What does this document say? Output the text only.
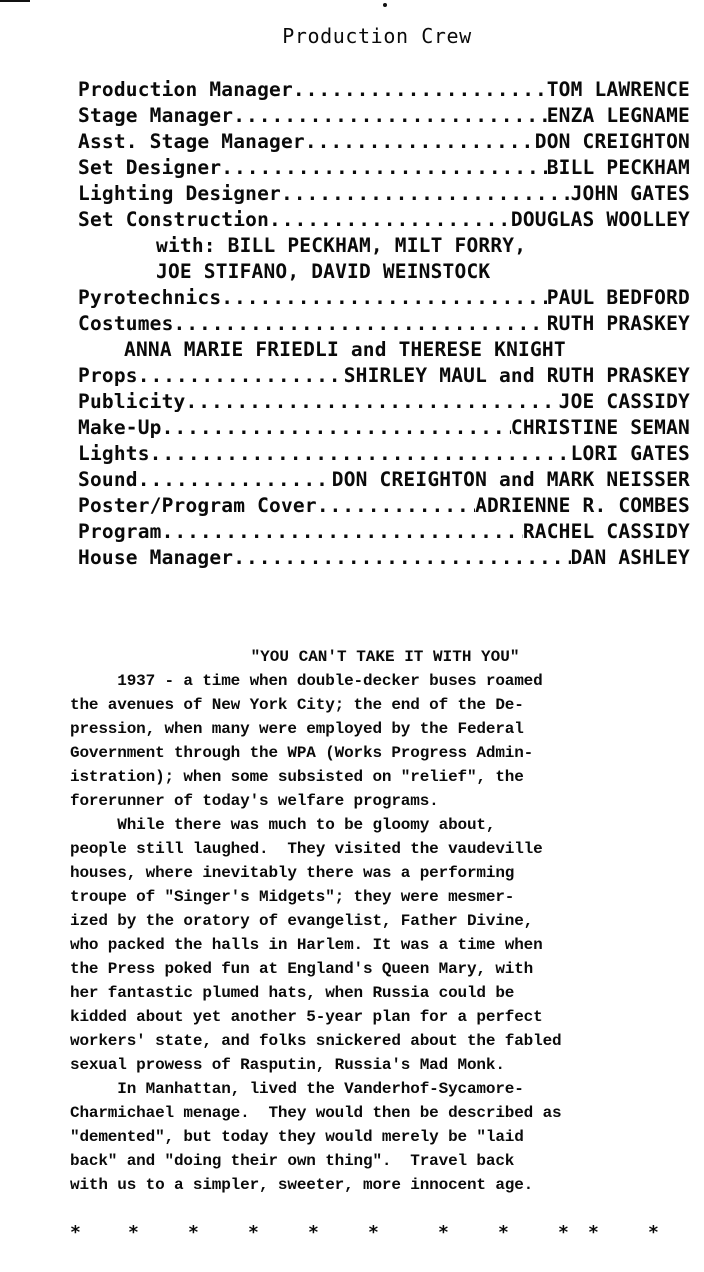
Production Crew
Production Manager .....	TOM LAWRENCE
Stage Manager .....	ENZA LEGNAME
Asst. Stage Manager .....	DON CREIGHTON
Set Designer .....	BILL PECKHAM
Lighting Designer .....	JOHN GATES
Set Construction .....	DOUGLAS WOOLLEY
with: BILL PECKHAM, MILT FORRY,
JOE STIFANO, DAVID WEINSTOCK
Pyrotechnics .....	PAUL BEDFORD
Costumes .....	RUTH PRASKEY
ANNA MARIE FRIEDLI and THERESE KNIGHT
Props .....	SHIRLEY MAUL and RUTH PRASKEY
Publicity .....	JOE CASSIDY
Make-Up .....	CHRISTINE SEMAN
Lights .....	LORI GATES
Sound .....	DON CREIGHTON and MARK NEISSER
Poster/Program Cover .....	ADRIENNE R. COMBES
Program .....	RACHEL CASSIDY
House Manager .....	DAN ASHLEY
"YOU CAN'T TAKE IT WITH YOU"
1937 - a time when double-decker buses roamed
the avenues of New York City; the end of the De-
pression, when many were employed by the Federal
Government through the WPA (Works Progress Admin-
istration); when some subsisted on "relief", the
forerunner of today's welfare programs.
While there was much to be gloomy about,
people still laughed.  They visited the vaudeville
houses, where inevitably there was a performing
troupe of "Singer's Midgets"; they were mesmer-
ized by the oratory of evangelist, Father Divine,
who packed the halls in Harlem. It was a time when
the Press poked fun at England's Queen Mary, with
her fantastic plumed hats, when Russia could be
kidded about yet another 5-year plan for a perfect
workers' state, and folks snickered about the fabled
sexual prowess of Rasputin, Russia's Mad Monk.
In Manhattan, lived the Vanderhof-Sycamore-
Charmichael menage.  They would then be described as
"demented", but today they would merely be "laid
back" and "doing their own thing".  Travel back
with us to a simpler, sweeter, more innocent age.
*	*	*	*	*	*	*	*	* *	*
